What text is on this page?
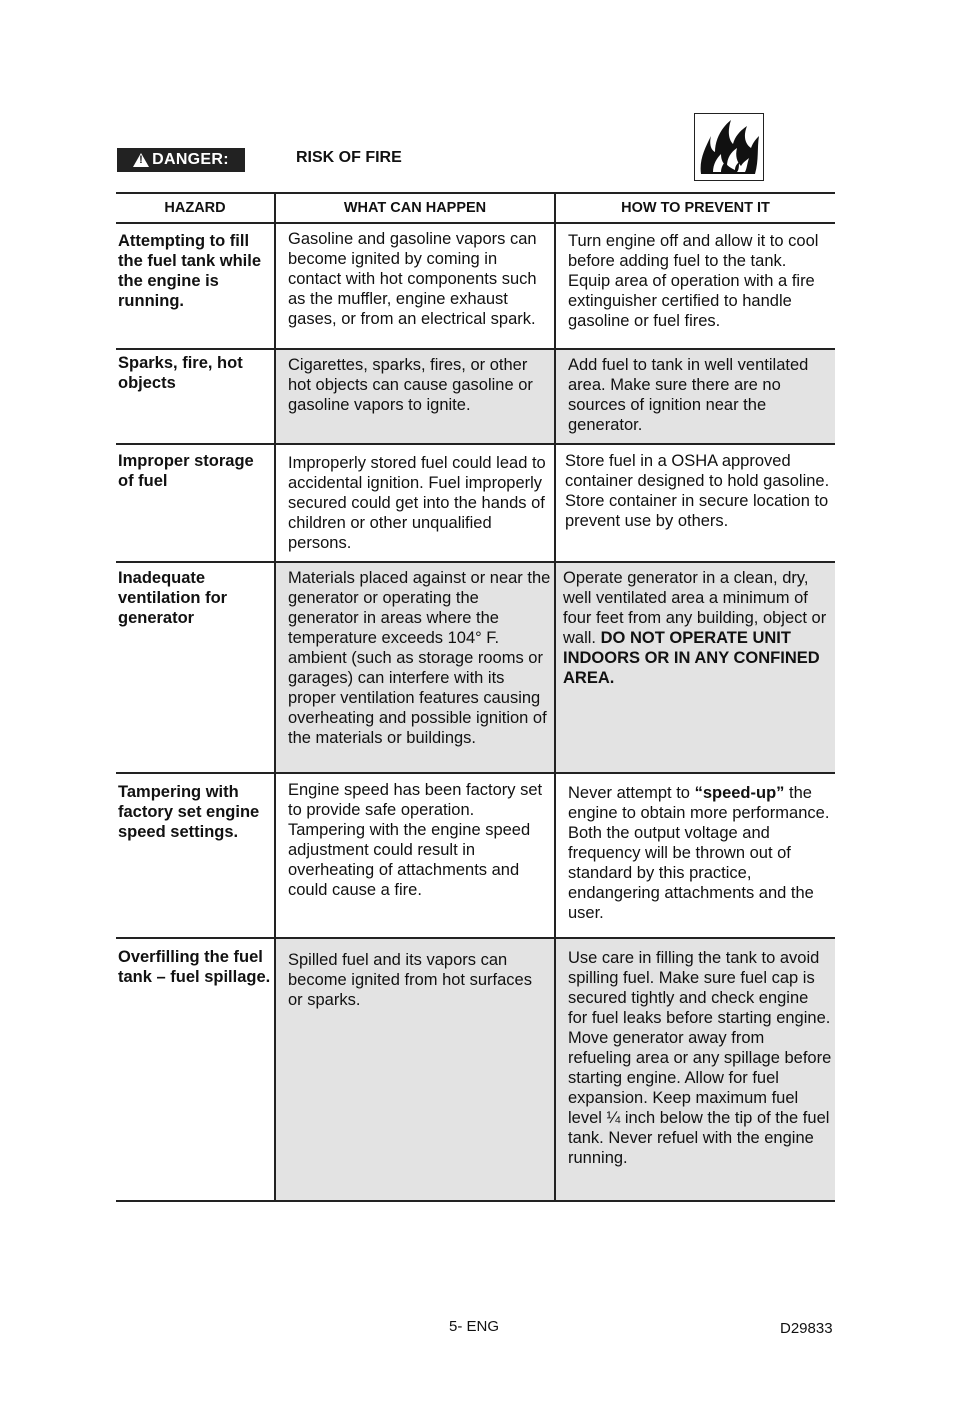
!
DANGER:	RISK OF FIRE
HAZARD	WHAT CAN HAPPEN	HOW TO PREVENT IT
Attempting to fill the fuel tank while the engine is running.	Gasoline and gasoline vapors can become ignited by coming in contact with hot components such as the muffler, engine exhaust gases, or from an electrical spark.	Turn engine off and allow it to cool before adding fuel to the tank. Equip area of operation with a fire extinguisher certified to handle gasoline or fuel fires.
Sparks, fire, hot objects	Cigarettes, sparks, fires, or other hot objects can cause gasoline or gasoline vapors to ignite.	Add fuel to tank in well ventilated area. Make sure there are no sources of ignition near the generator.
Improper storage of fuel	Improperly stored fuel could lead to accidental ignition. Fuel improperly secured could get into the hands of children or other unqualified persons.	Store fuel in a OSHA approved container designed to hold gasoline. Store container in secure location to prevent use by others.
Inadequate ventilation for generator	Materials placed against or near the generator or operating the generator in areas where the temperature exceeds 104° F. ambient (such as storage rooms or garages) can interfere with its proper ventilation features causing overheating and possible ignition of the materials or buildings.	Operate generator in a clean, dry, well ventilated area a minimum of four feet from any building, object or wall. DO NOT OPERATE UNIT INDOORS OR IN ANY CONFINED AREA.
Tampering with factory set engine speed settings.	Engine speed has been factory set to provide safe operation. Tampering with the engine speed adjustment could result in overheating of attachments and could cause a fire.	Never attempt to “speed-up” the engine to obtain more performance. Both the output voltage and frequency will be thrown out of standard by this practice, endangering attachments and the user.
Overfilling the fuel tank – fuel spillage.	Spilled fuel and its vapors can become ignited from hot surfaces or sparks.	Use care in filling the tank to avoid spilling fuel. Make sure fuel cap is secured tightly and check engine for fuel leaks before starting engine. Move generator away from refueling area or any spillage before starting engine. Allow for fuel expansion. Keep maximum fuel level ¼ inch below the tip of the fuel tank. Never refuel with the engine running.
5- ENG	D29833
